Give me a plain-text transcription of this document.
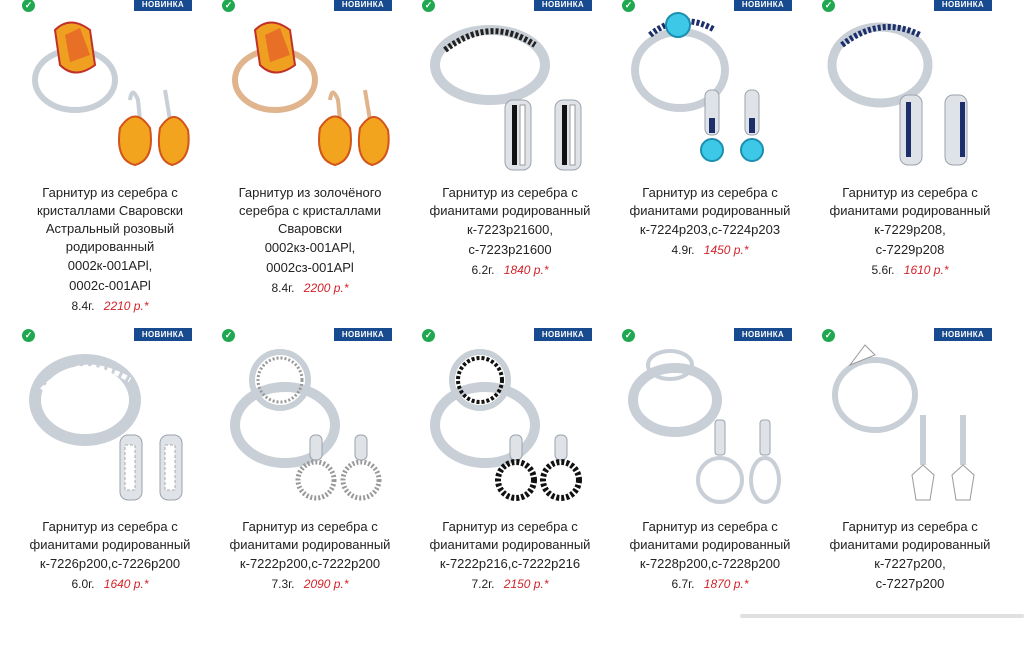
✓	НОВИНКА
Гарнитур из серебра с кристаллами Сваровски Астральный розовый родированный
0002к-001APl,
0002с-001APl
8.4г. 2210 р.*
✓	НОВИНКА
Гарнитур из золочёного серебра с кристаллами Сваровски
0002кз-001APl,
0002сз-001APl
8.4г. 2200 р.*
✓	НОВИНКА
Гарнитур из серебра с фианитами родированный
к-7223р21600,
с-7223р21600
6.2г. 1840 р.*
✓	НОВИНКА
Гарнитур из серебра с фианитами родированный
к-7224р203,с-7224р203
4.9г. 1450 р.*
✓	НОВИНКА
Гарнитур из серебра с фианитами родированный
к-7229р208,
с-7229р208
5.6г. 1610 р.*
✓	НОВИНКА
Гарнитур из серебра с фианитами родированный
к-7226р200,с-7226р200
6.0г. 1640 р.*
✓	НОВИНКА
Гарнитур из серебра с фианитами родированный
к-7222р200,с-7222р200
7.3г. 2090 р.*
✓	НОВИНКА
Гарнитур из серебра с фианитами родированный
к-7222р216,с-7222р216
7.2г. 2150 р.*
✓	НОВИНКА
Гарнитур из серебра с фианитами родированный
к-7228р200,с-7228р200
6.7г. 1870 р.*
✓	НОВИНКА
Гарнитур из серебра с фианитами родированный
к-7227р200,
с-7227р200
